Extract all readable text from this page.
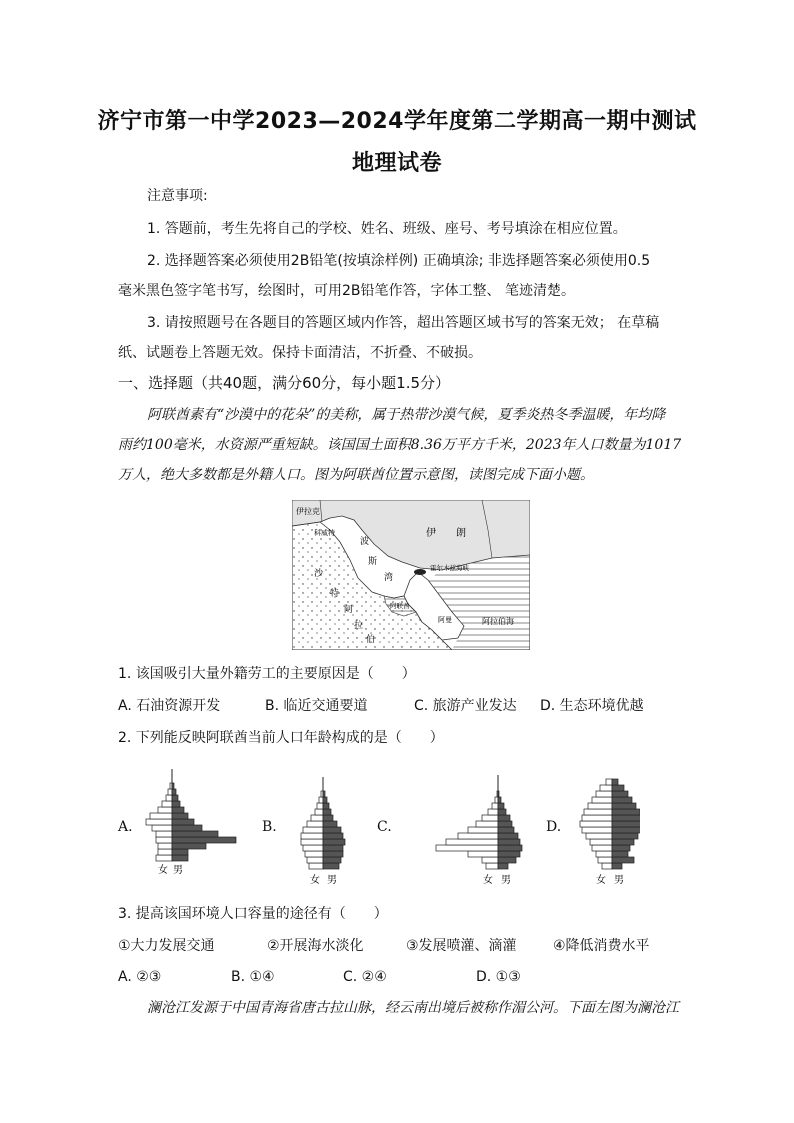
济宁市第一中学2023—2024学年度第二学期高一期中测试
地理试卷
注意事项:
1. 答题前，考生先将自己的学校、姓名、班级、座号、考号填涂在相应位置。
2. 选择题答案必须使用2B铅笔(按填涂样例) 正确填涂; 非选择题答案必须使用0.5
毫米黑色签字笔书写，绘图时，可用2B铅笔作答，字体工整、 笔迹清楚。
3. 请按照题号在各题目的答题区域内作答，超出答题区域书写的答案无效； 在草稿
纸、试题卷上答题无效。保持卡面清洁，不折叠、不破损。
一、选择题（共40题，满分60分，每小题1.5分）
阿联酋素有“沙漠中的花朵”的美称，属于热带沙漠气候，夏季炎热冬季温暖，年均降
雨约100毫米，水资源严重短缺。该国国土面积8.36万平方千米，2023年人口数量为1017
万人，绝大多数都是外籍人口。图为阿联酋位置示意图，读图完成下面小题。
伊拉克
科威特
波
斯
湾
伊 朗
沙
特
阿
拉
伯
霍尔木兹海峡
阿联酋
阿曼	阿拉伯海
1. 该国吸引大量外籍劳工的主要原因是（　　）
A. 石油资源开发	B. 临近交通要道	C. 旅游产业发达 D. 生态环境优越
2. 下列能反映阿联酋当前人口年龄构成的是（　　）
A.	B.	C.	D.
女 男
女 男	女 男	女 男
3. 提高该国环境人口容量的途径有（　　）
①大力发展交通	②开展海水淡化	③发展喷灌、滴灌	④降低消费水平
A. ②③	B. ①④	C. ②④	D. ①③
澜沧江发源于中国青海省唐古拉山脉，经云南出境后被称作湄公河。下面左图为澜沧江
